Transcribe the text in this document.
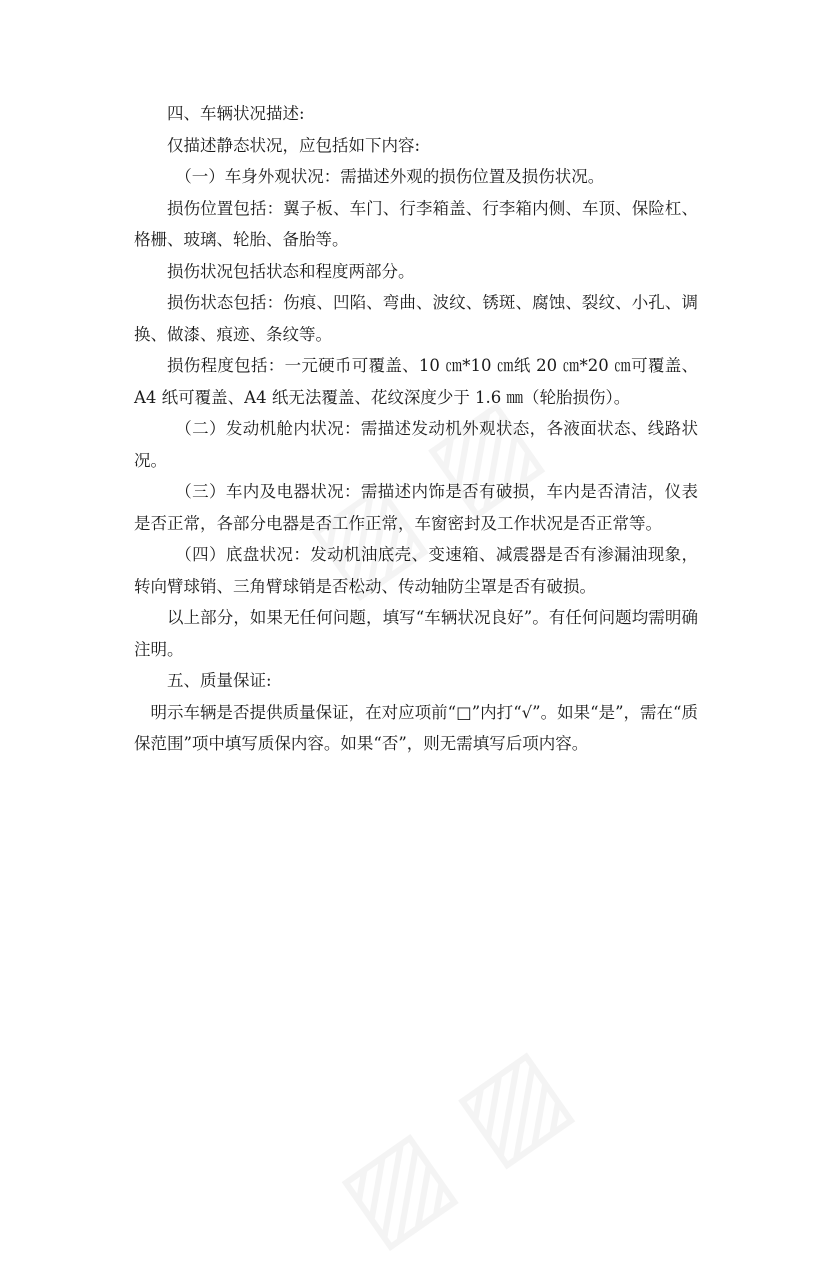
四、车辆状况描述:

仅描述静态状况，应包括如下内容:

（一）车身外观状况：需描述外观的损伤位置及损伤状况。

损伤位置包括：翼子板、车门、行李箱盖、行李箱内侧、车顶、保险杠、格栅、玻璃、轮胎、备胎等。

损伤状况包括状态和程度两部分。

损伤状态包括：伤痕、凹陷、弯曲、波纹、锈斑、腐蚀、裂纹、小孔、调换、做漆、痕迹、条纹等。

损伤程度包括：一元硬币可覆盖、10 ㎝*10 ㎝纸 20 ㎝*20 ㎝可覆盖、A4 纸可覆盖、A4 纸无法覆盖、花纹深度少于 1.6 ㎜（轮胎损伤）。

（二）发动机舱内状况：需描述发动机外观状态，各液面状态、线路状况。

（三）车内及电器状况：需描述内饰是否有破损，车内是否清洁，仪表是否正常，各部分电器是否工作正常，车窗密封及工作状况是否正常等。

（四）底盘状况：发动机油底壳、变速箱、减震器是否有渗漏油现象，转向臂球销、三角臂球销是否松动、传动轴防尘罩是否有破损。

以上部分，如果无任何问题，填写“车辆状况良好”。有任何问题均需明确注明。

五、质量保证:

明示车辆是否提供质量保证，在对应项前“□”内打“√”。如果“是”，需在“质保范围”项中填写质保内容。如果“否”，则无需填写后项内容。
